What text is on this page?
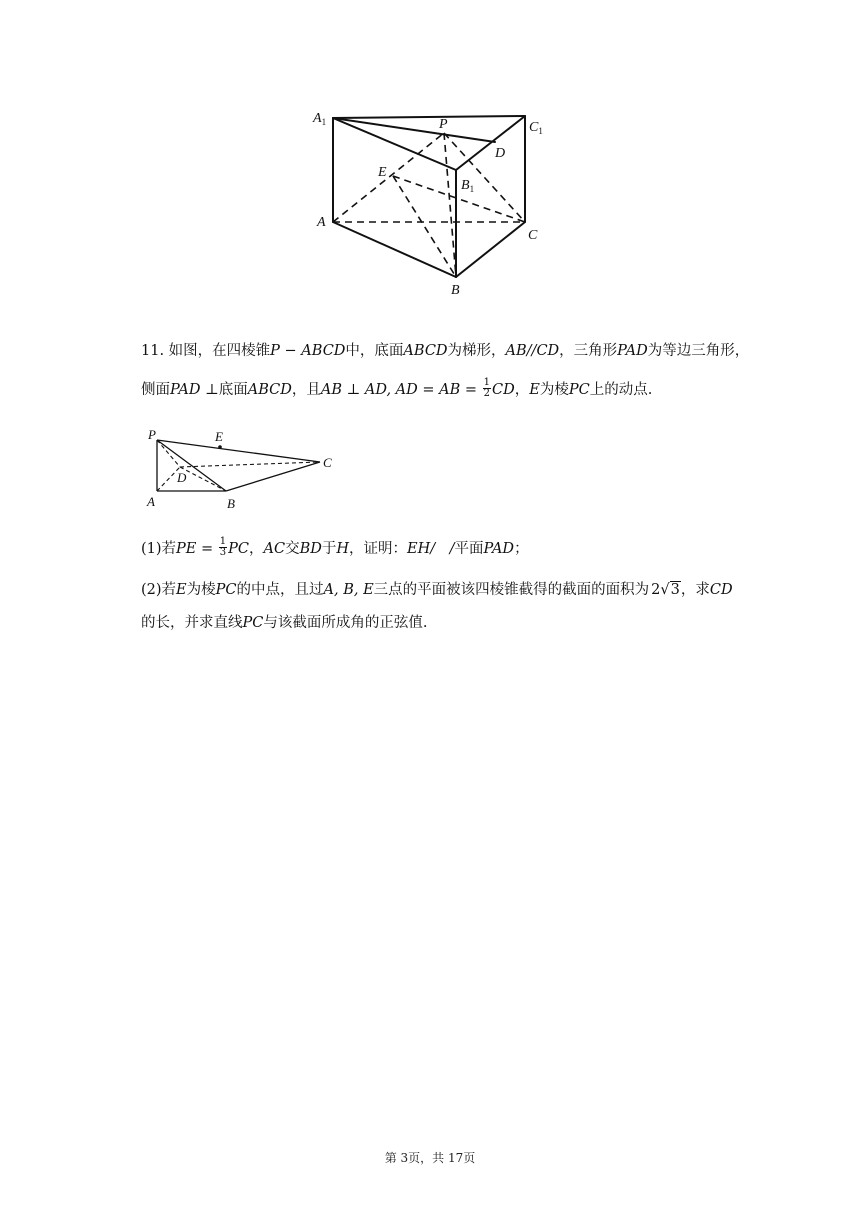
$A_1$	P	$C_1$
D
E
$B_1$
A
C
B
11. 如图，在四棱锥P − ABCD中，底面ABCD为梯形，AB//CD，三角形PAD为等边三角形，
侧面PAD ⊥底面ABCD，且AB ⊥ AD, AD = AB = $\frac{1}{2}$ CD，E为棱PC上的动点.
P	E
C
D
A	B
(1)若PE = $\frac{1}{3}$ PC，AC交BD于H，证明：EH/　/平面PAD；
(2)若E为棱PC的中点，且过A, B, E三点的平面被该四棱锥截得的截面的面积为 2√3，求CD
的长，并求直线PC与该截面所成角的正弦值.
第 3页，共 17页
